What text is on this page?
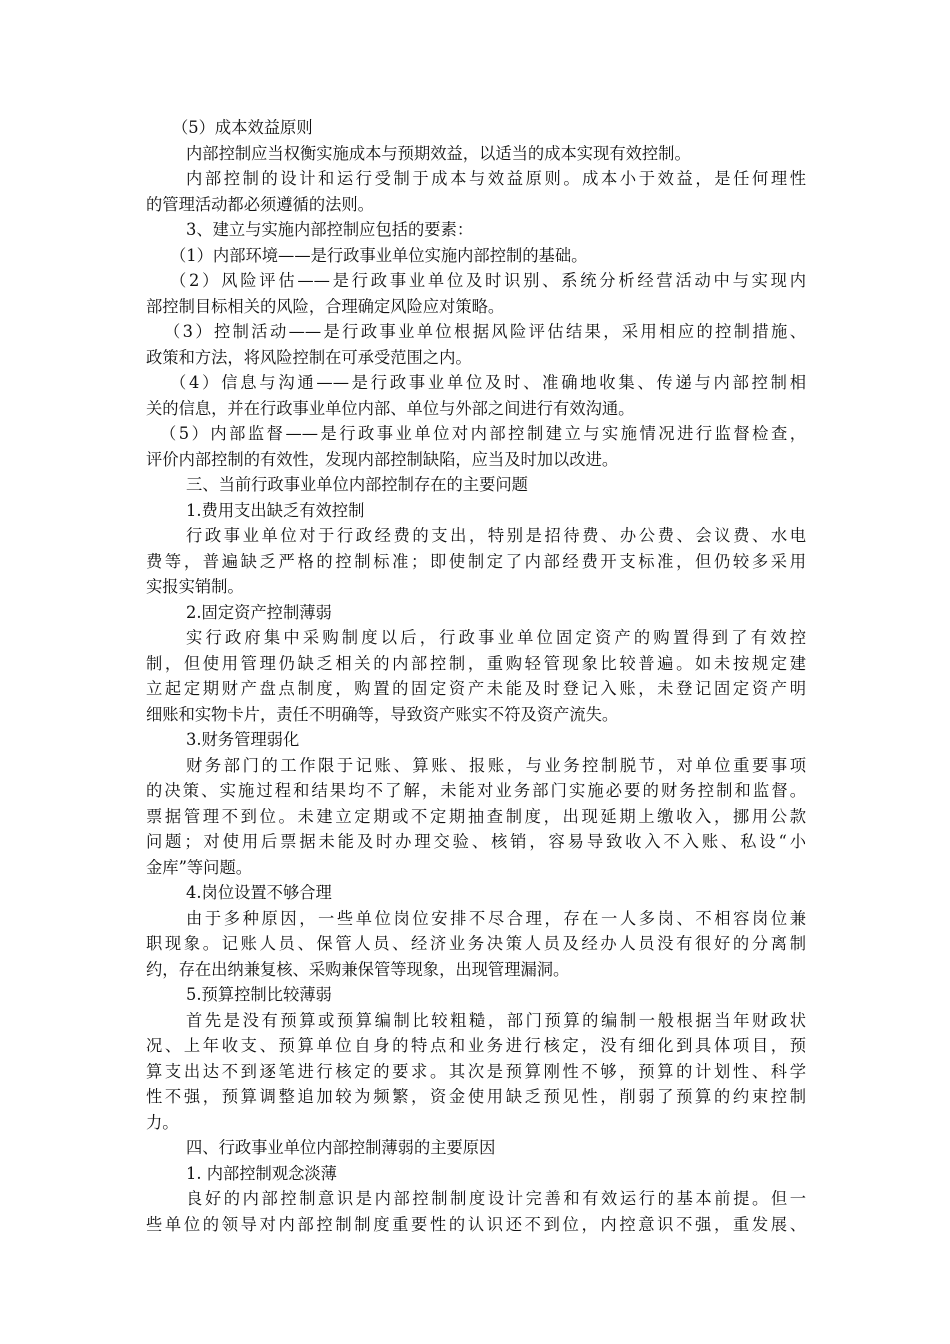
（5）成本效益原则
内部控制应当权衡实施成本与预期效益，以适当的成本实现有效控制。
内部控制的设计和运行受制于成本与效益原则。成本小于效益，是任何理性
的管理活动都必须遵循的法则。
3、建立与实施内部控制应包括的要素：
（1）内部环境——是行政事业单位实施内部控制的基础。
（2）风险评估——是行政事业单位及时识别、系统分析经营活动中与实现内
部控制目标相关的风险，合理确定风险应对策略。
（3）控制活动——是行政事业单位根据风险评估结果，采用相应的控制措施、
政策和方法，将风险控制在可承受范围之内。
（4）信息与沟通——是行政事业单位及时、准确地收集、传递与内部控制相
关的信息，并在行政事业单位内部、单位与外部之间进行有效沟通。
（5）内部监督——是行政事业单位对内部控制建立与实施情况进行监督检查，
评价内部控制的有效性，发现内部控制缺陷，应当及时加以改进。
三、当前行政事业单位内部控制存在的主要问题
1.费用支出缺乏有效控制
行政事业单位对于行政经费的支出，特别是招待费、办公费、会议费、水电
费等，普遍缺乏严格的控制标准；即使制定了内部经费开支标准，但仍较多采用
实报实销制。
2.固定资产控制薄弱
实行政府集中采购制度以后，行政事业单位固定资产的购置得到了有效控
制，但使用管理仍缺乏相关的内部控制，重购轻管现象比较普遍。如未按规定建
立起定期财产盘点制度，购置的固定资产未能及时登记入账，未登记固定资产明
细账和实物卡片，责任不明确等，导致资产账实不符及资产流失。
3.财务管理弱化
财务部门的工作限于记账、算账、报账，与业务控制脱节，对单位重要事项
的决策、实施过程和结果均不了解，未能对业务部门实施必要的财务控制和监督。
票据管理不到位。未建立定期或不定期抽查制度，出现延期上缴收入，挪用公款
问题；对使用后票据未能及时办理交验、核销，容易导致收入不入账、私设“小
金库”等问题。
4.岗位设置不够合理
由于多种原因，一些单位岗位安排不尽合理，存在一人多岗、不相容岗位兼
职现象。记账人员、保管人员、经济业务决策人员及经办人员没有很好的分离制
约，存在出纳兼复核、采购兼保管等现象，出现管理漏洞。
5.预算控制比较薄弱
首先是没有预算或预算编制比较粗糙，部门预算的编制一般根据当年财政状
况、上年收支、预算单位自身的特点和业务进行核定，没有细化到具体项目，预
算支出达不到逐笔进行核定的要求。其次是预算刚性不够，预算的计划性、科学
性不强，预算调整追加较为频繁，资金使用缺乏预见性，削弱了预算的约束控制
力。
四、行政事业单位内部控制薄弱的主要原因
1. 内部控制观念淡薄
良好的内部控制意识是内部控制制度设计完善和有效运行的基本前提。但一
些单位的领导对内部控制制度重要性的认识还不到位，内控意识不强，重发展、
